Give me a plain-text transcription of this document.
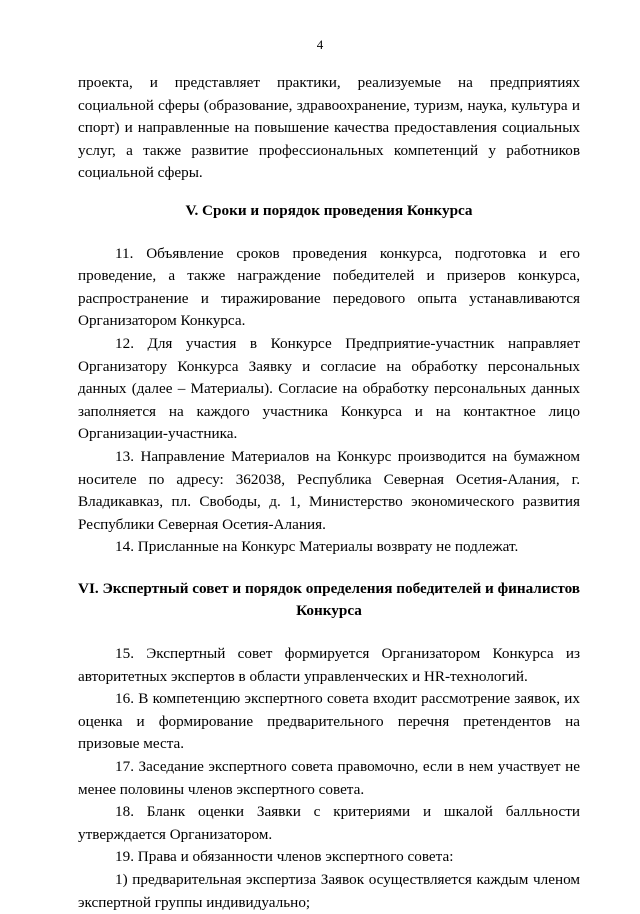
4

проекта, и представляет практики, реализуемые на предприятиях социальной сферы (образование, здравоохранение, туризм, наука, культура и спорт) и направленные на повышение качества предоставления социальных услуг, а также развитие профессиональных компетенций у работников социальной сферы.

V. Сроки и порядок проведения Конкурса

11. Объявление сроков проведения конкурса, подготовка и его проведение, а также награждение победителей и призеров конкурса, распространение и тиражирование передового опыта устанавливаются Организатором Конкурса.

12. Для участия в Конкурсе Предприятие-участник направляет Организатору Конкурса Заявку и согласие на обработку персональных данных (далее – Материалы). Согласие на обработку персональных данных заполняется на каждого участника Конкурса и на контактное лицо Организации-участника.

13. Направление Материалов на Конкурс производится на бумажном носителе по адресу: 362038, Республика Северная Осетия-Алания, г. Владикавказ, пл. Свободы, д. 1, Министерство экономического развития Республики Северная Осетия-Алания.

14. Присланные на Конкурс Материалы возврату не подлежат.

VI. Экспертный совет и порядок определения победителей и финалистов
Конкурса

15. Экспертный совет формируется Организатором Конкурса из авторитетных экспертов в области управленческих и HR-технологий.

16. В компетенцию экспертного совета входит рассмотрение заявок, их оценка и формирование предварительного перечня претендентов на призовые места.

17. Заседание экспертного совета правомочно, если в нем участвует не менее половины членов экспертного совета.

18. Бланк оценки Заявки с критериями и шкалой балльности утверждается Организатором.

19. Права и обязанности членов экспертного совета:

1) предварительная экспертиза Заявок осуществляется каждым членом экспертной группы индивидуально;
